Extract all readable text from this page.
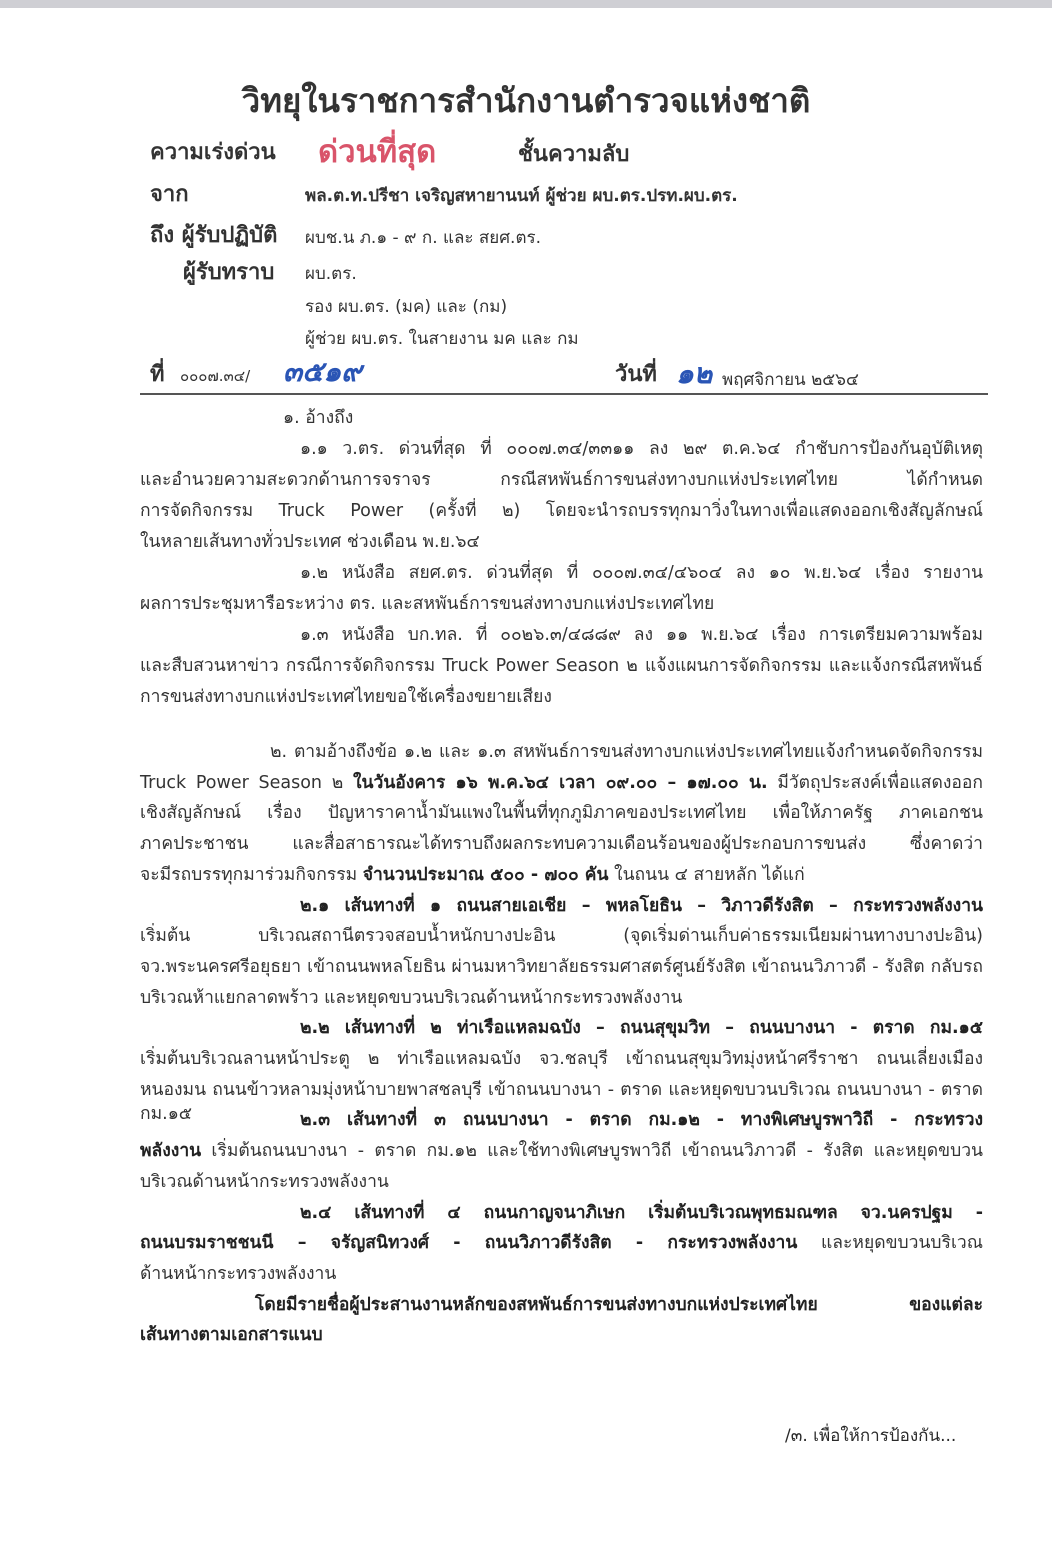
วิทยุในราชการสำนักงานตำรวจแห่งชาติ
ความเร่งด่วน ด่วนที่สุด	ชั้นความลับ
จาก	พล.ต.ท.ปรีชา เจริญสหายานนท์ ผู้ช่วย ผบ.ตร.ปรท.ผบ.ตร.
ถึง ผู้รับปฏิบัติ ผบช.น ภ.๑ - ๙ ก. และ สยศ.ตร.
ผู้รับทราบ ผบ.ตร.
รอง ผบ.ตร. (มค) และ (กม)
ผู้ช่วย ผบ.ตร. ในสายงาน มค และ กม
ที่ ๐๐๐๗.๓๔/ ๓๕๑๙	วันที่ ๑๒ พฤศจิกายน ๒๕๖๔
๑. อ้างถึง
๑.๑ ว.ตร. ด่วนที่สุด ที่ ๐๐๐๗.๓๔/๓๓๑๑ ลง ๒๙ ต.ค.๖๔ กำชับการป้องกันอุบัติเหตุ
และอำนวยความสะดวกด้านการจราจร กรณีสหพันธ์การขนส่งทางบกแห่งประเทศไทย ได้กำหนด
การจัดกิจกรรม Truck Power (ครั้งที่ ๒) โดยจะนำรถบรรทุกมาวิ่งในทางเพื่อแสดงออกเชิงสัญลักษณ์
ในหลายเส้นทางทั่วประเทศ ช่วงเดือน พ.ย.๖๔
๑.๒ หนังสือ สยศ.ตร. ด่วนที่สุด ที่ ๐๐๐๗.๓๔/๔๖๐๔ ลง ๑๐ พ.ย.๖๔ เรื่อง รายงาน
ผลการประชุมหารือระหว่าง ตร. และสหพันธ์การขนส่งทางบกแห่งประเทศไทย
๑.๓ หนังสือ บก.ทล. ที่ ๐๐๒๖.๓/๔๘๘๙ ลง ๑๑ พ.ย.๖๔ เรื่อง การเตรียมความพร้อม
และสืบสวนหาข่าว กรณีการจัดกิจกรรม Truck Power Season ๒ แจ้งแผนการจัดกิจกรรม และแจ้งกรณีสหพันธ์
การขนส่งทางบกแห่งประเทศไทยขอใช้เครื่องขยายเสียง
๒. ตามอ้างถึงข้อ ๑.๒ และ ๑.๓ สหพันธ์การขนส่งทางบกแห่งประเทศไทยแจ้งกำหนดจัดกิจกรรม
Truck Power Season ๒ ในวันอังคาร ๑๖ พ.ค.๖๔ เวลา ๐๙.๐๐ – ๑๗.๐๐ น. มีวัตถุประสงค์เพื่อแสดงออก
เชิงสัญลักษณ์ เรื่อง ปัญหาราคาน้ำมันแพงในพื้นที่ทุกภูมิภาคของประเทศไทย เพื่อให้ภาครัฐ ภาคเอกชน
ภาคประชาชน และสื่อสาธารณะได้ทราบถึงผลกระทบความเดือนร้อนของผู้ประกอบการขนส่ง ซึ่งคาดว่า
จะมีรถบรรทุกมาร่วมกิจกรรม จำนวนประมาณ ๕๐๐ - ๗๐๐ คัน ในถนน ๔ สายหลัก ได้แก่
๒.๑ เส้นทางที่ ๑ ถนนสายเอเชีย – พหลโยธิน – วิภาวดีรังสิต – กระทรวงพลังงาน
เริ่มต้น บริเวณสถานีตรวจสอบน้ำหนักบางปะอิน (จุดเริ่มด่านเก็บค่าธรรมเนียมผ่านทางบางปะอิน)
จว.พระนครศรีอยุธยา เข้าถนนพหลโยธิน ผ่านมหาวิทยาลัยธรรมศาสตร์ศูนย์รังสิต เข้าถนนวิภาวดี - รังสิต กลับรถ
บริเวณห้าแยกลาดพร้าว และหยุดขบวนบริเวณด้านหน้ากระทรวงพลังงาน
๒.๒ เส้นทางที่ ๒ ท่าเรือแหลมฉบัง – ถนนสุขุมวิท – ถนนบางนา - ตราด กม.๑๕
เริ่มต้นบริเวณลานหน้าประตู ๒ ท่าเรือแหลมฉบัง จว.ชลบุรี เข้าถนนสุขุมวิทมุ่งหน้าศรีราชา ถนนเลี่ยงเมือง
หนองมน ถนนข้าวหลามมุ่งหน้าบายพาสชลบุรี เข้าถนนบางนา - ตราด และหยุดขบวนบริเวณ ถนนบางนา - ตราด กม.๑๕	๒.๓ เส้นทางที่ ๓ ถนนบางนา - ตราด กม.๑๒ - ทางพิเศษบูรพาวิถี - กระทรวง
พลังงาน เริ่มต้นถนนบางนา - ตราด กม.๑๒ และใช้ทางพิเศษบูรพาวิถี เข้าถนนวิภาวดี - รังสิต และหยุดขบวน
บริเวณด้านหน้ากระทรวงพลังงาน
๒.๔ เส้นทางที่ ๔ ถนนกาญจนาภิเษก เริ่มต้นบริเวณพุทธมณฑล จว.นครปฐม -
ถนนบรมราชชนนี – จรัญสนิทวงศ์ - ถนนวิภาวดีรังสิต - กระทรวงพลังงาน และหยุดขบวนบริเวณ
ด้านหน้ากระทรวงพลังงาน
โดยมีรายชื่อผู้ประสานงานหลักของสหพันธ์การขนส่งทางบกแห่งประเทศไทย ของแต่ละ
เส้นทางตามเอกสารแนบ
/๓. เพื่อให้การป้องกัน...
